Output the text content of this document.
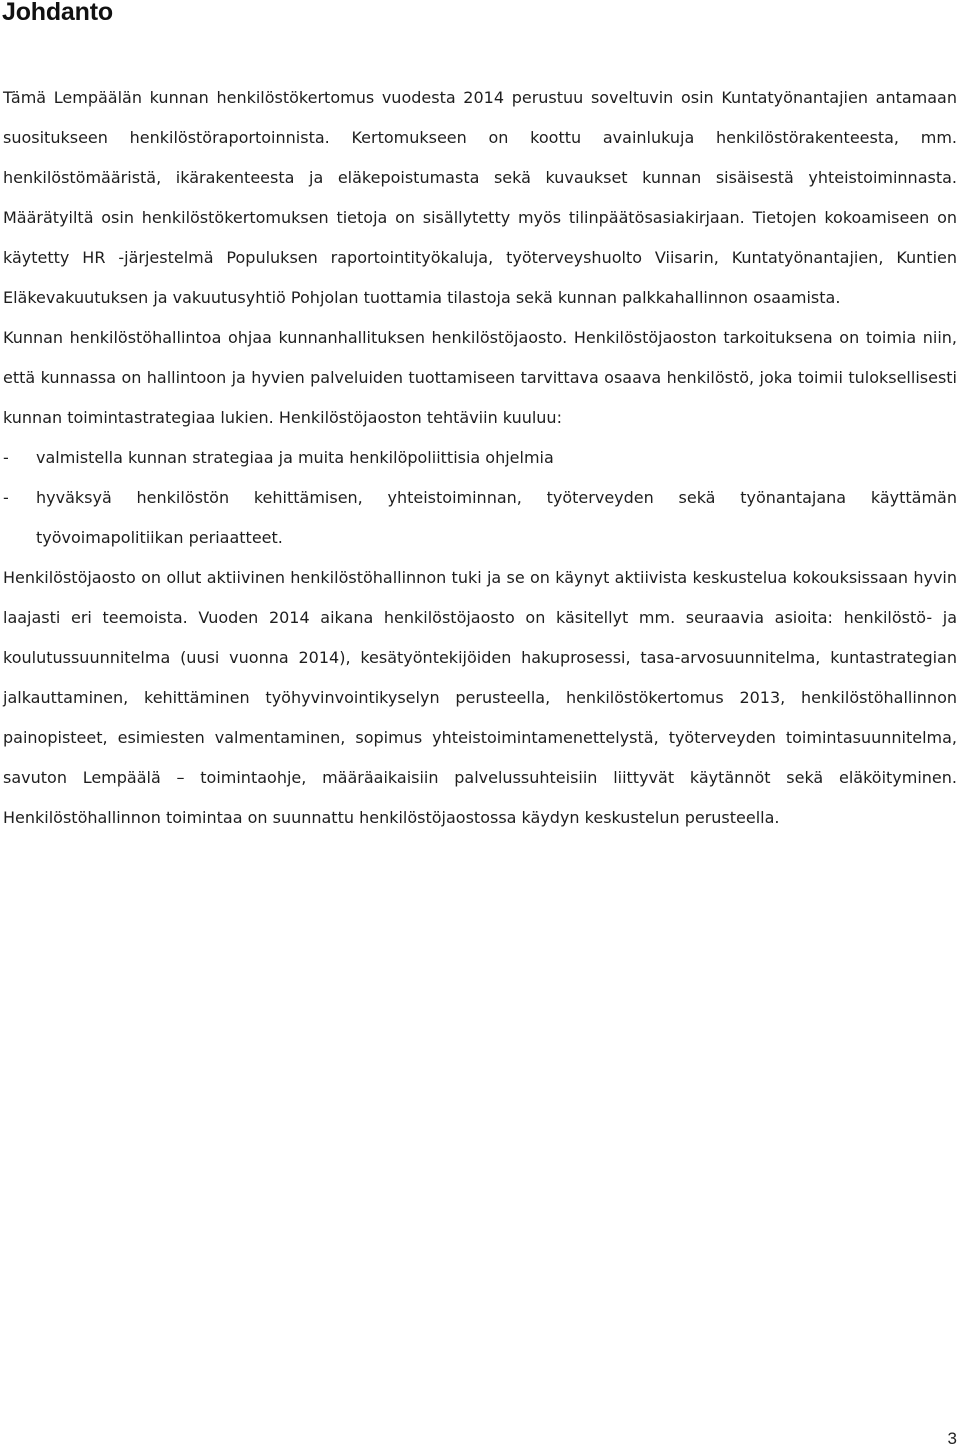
Johdanto

Tämä Lempäälän kunnan henkilöstökertomus vuodesta 2014 perustuu soveltuvin osin Kuntatyönantajien antamaan suositukseen henkilöstöraportoinnista. Kertomukseen on koottu avainlukuja henkilöstörakenteesta, mm. henkilöstömääristä, ikärakenteesta ja eläkepoistumasta sekä kuvaukset kunnan sisäisestä yhteistoiminnasta. Määrätyiltä osin henkilöstökertomuksen tietoja on sisällytetty myös tilinpäätösasiakirjaan. Tietojen kokoamiseen on käytetty HR -järjestelmä Populuksen raportointityökaluja, työterveyshuolto Viisarin, Kuntatyönantajien, Kuntien Eläkevakuutuksen ja vakuutusyhtiö Pohjolan tuottamia tilastoja sekä kunnan palkkahallinnon osaamista.

Kunnan henkilöstöhallintoa ohjaa kunnanhallituksen henkilöstöjaosto. Henkilöstöjaoston tarkoituksena on toimia niin, että kunnassa on hallintoon ja hyvien palveluiden tuottamiseen tarvittava osaava henkilöstö, joka toimii tuloksellisesti kunnan toimintastrategiaa lukien. Henkilöstöjaoston tehtäviin kuuluu:

- valmistella kunnan strategiaa ja muita henkilöpoliittisia ohjelmia
- hyväksyä henkilöstön kehittämisen, yhteistoiminnan, työterveyden sekä työnantajana käyttämän työvoimapolitiikan periaatteet.

Henkilöstöjaosto on ollut aktiivinen henkilöstöhallinnon tuki ja se on käynyt aktiivista keskustelua kokouksissaan hyvin laajasti eri teemoista. Vuoden 2014 aikana henkilöstöjaosto on käsitellyt mm. seuraavia asioita: henkilöstö- ja koulutussuunnitelma (uusi vuonna 2014), kesätyöntekijöiden hakuprosessi, tasa-arvosuunnitelma, kuntastrategian jalkauttaminen, kehittäminen työhyvinvointikyselyn perusteella, henkilöstökertomus 2013, henkilöstöhallinnon painopisteet, esimiesten valmentaminen, sopimus yhteistoimintamenettelystä, työterveyden toimintasuunnitelma, savuton Lempäälä – toimintaohje, määräaikaisiin palvelussuhteisiin liittyvät käytännöt sekä eläköityminen. Henkilöstöhallinnon toimintaa on suunnattu henkilöstöjaostossa käydyn keskustelun perusteella.

3
